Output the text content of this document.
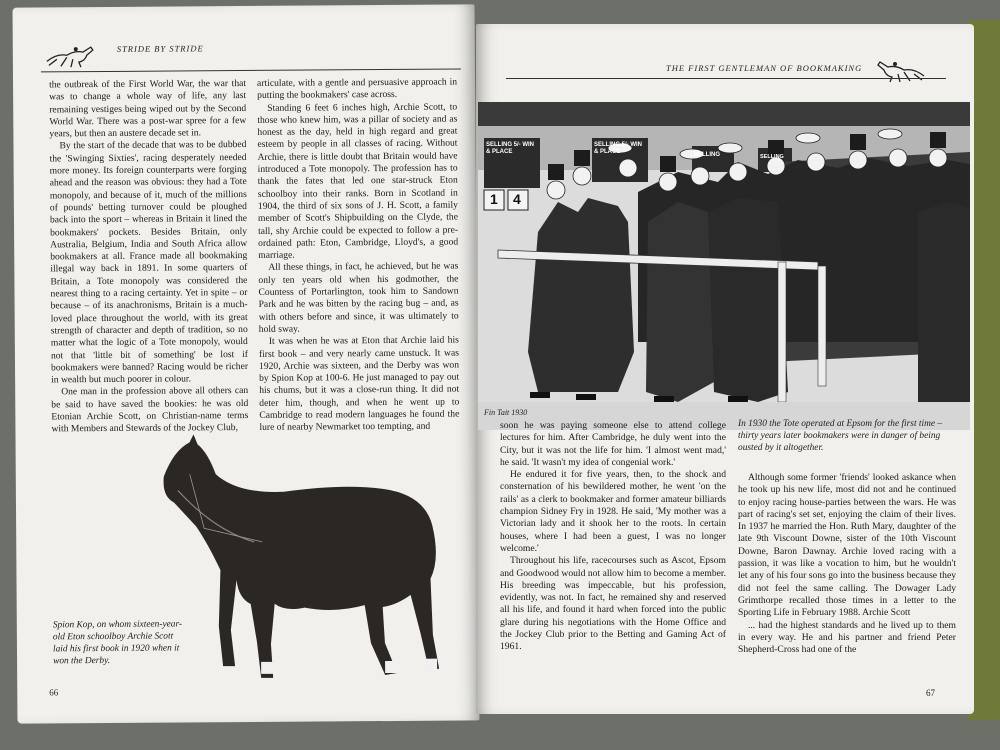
STRIDE BY STRIDE

the outbreak of the First World War, the war that was to change a whole way of life, any last remaining vestiges being wiped out by the Second World War. There was a post-war spree for a few years, but then an austere decade set in.

By the start of the decade that was to be dubbed the 'Swinging Sixties', racing desperately needed more money. Its foreign counterparts were forging ahead and the reason was obvious: they had a Tote monopoly, and because of it, much of the millions of pounds' betting turnover could be ploughed back into the sport – whereas in Britain it lined the bookmakers' pockets. Besides Britain, only Australia, Belgium, India and South Africa allow bookmakers at all. France made all bookmaking illegal way back in 1891. In some quarters of Britain, a Tote monopoly was considered the nearest thing to a racing certainty. Yet in spite – or because – of its anachronisms, Britain is a much-loved place throughout the world, with its great strength of character and depth of tradition, so no matter what the logic of a Tote monopoly, would not that 'little bit of something' be lost if bookmakers were banned? Racing would be richer in wealth but much poorer in colour.

One man in the profession above all others can be said to have saved the bookies: he was old Etonian Archie Scott, on Christian-name terms with Members and Stewards of the Jockey Club,

articulate, with a gentle and persuasive approach in putting the bookmakers' case across.

Standing 6 feet 6 inches high, Archie Scott, to those who knew him, was a pillar of society and as honest as the day, held in high regard and great esteem by people in all classes of racing. Without Archie, there is little doubt that Britain would have introduced a Tote monopoly. The profession has to thank the fates that led one star-struck Eton schoolboy into their ranks. Born in Scotland in 1904, the third of six sons of J. H. Scott, a family member of Scott's Shipbuilding on the Clyde, the tall, shy Archie could be expected to follow a pre-ordained path: Eton, Cambridge, Lloyd's, a good marriage.

All these things, in fact, he achieved, but he was only ten years old when his godmother, the Countess of Portarlington, took him to Sandown Park and he was bitten by the racing bug – and, as with others before and since, it was ultimately to hold sway.

It was when he was at Eton that Archie laid his first book – and very nearly came unstuck. It was 1920, Archie was sixteen, and the Derby was won by Spion Kop at 100-6. He just managed to pay out his chums, but it was a close-run thing. It did not deter him, though, and when he went up to Cambridge to read modern languages he found the lure of nearby Newmarket too tempting, and

Spion Kop, on whom sixteen-year-old Eton schoolboy Archie Scott laid his first book in 1920 when it won the Derby.
66
THE FIRST GENTLEMAN OF BOOKMAKING
SELLING 5/- WIN & PLACE
SELLING 5/- WIN & PLACE	SELLING	SELLING
1 4
Fin Tait 1930

soon he was paying someone else to attend college lectures for him. After Cambridge, he duly went into the City, but it was not the life for him. 'I almost went mad,' he said. 'It wasn't my idea of congenial work.'

He endured it for five years, then, to the shock and consternation of his bewildered mother, he went 'on the rails' as a clerk to bookmaker and former amateur billiards champion Sidney Fry in 1928. He said, 'My mother was a Victorian lady and it shook her to the roots. In certain houses, where I had been a guest, I was no longer welcome.'

Throughout his life, racecourses such as Ascot, Epsom and Goodwood would not allow him to become a member. His breeding was impeccable, but his profession, evidently, was not. In fact, he remained shy and reserved all his life, and found it hard when forced into the public glare during his negotiations with the Home Office and the Jockey Club prior to the Betting and Gaming Act of 1961.

In 1930 the Tote operated at Epsom for the first time – thirty years later bookmakers were in danger of being ousted by it altogether.

Although some former 'friends' looked askance when he took up his new life, most did not and he continued to enjoy racing house-parties between the wars. He was part of racing's set set, enjoying the claim of their lives. In 1937 he married the Hon. Ruth Mary, daughter of the late 9th Viscount Downe, sister of the 10th Viscount Downe, Baron Dawnay. Archie loved racing with a passion, it was like a vocation to him, but he wouldn't let any of his four sons go into the business because they did not feel the same calling. The Dowager Lady Grimthorpe recalled those times in a letter to the Sporting Life in February 1988. Archie Scott

... had the highest standards and he lived up to them in every way. He and his partner and friend Peter Shepherd-Cross had one of the

67
